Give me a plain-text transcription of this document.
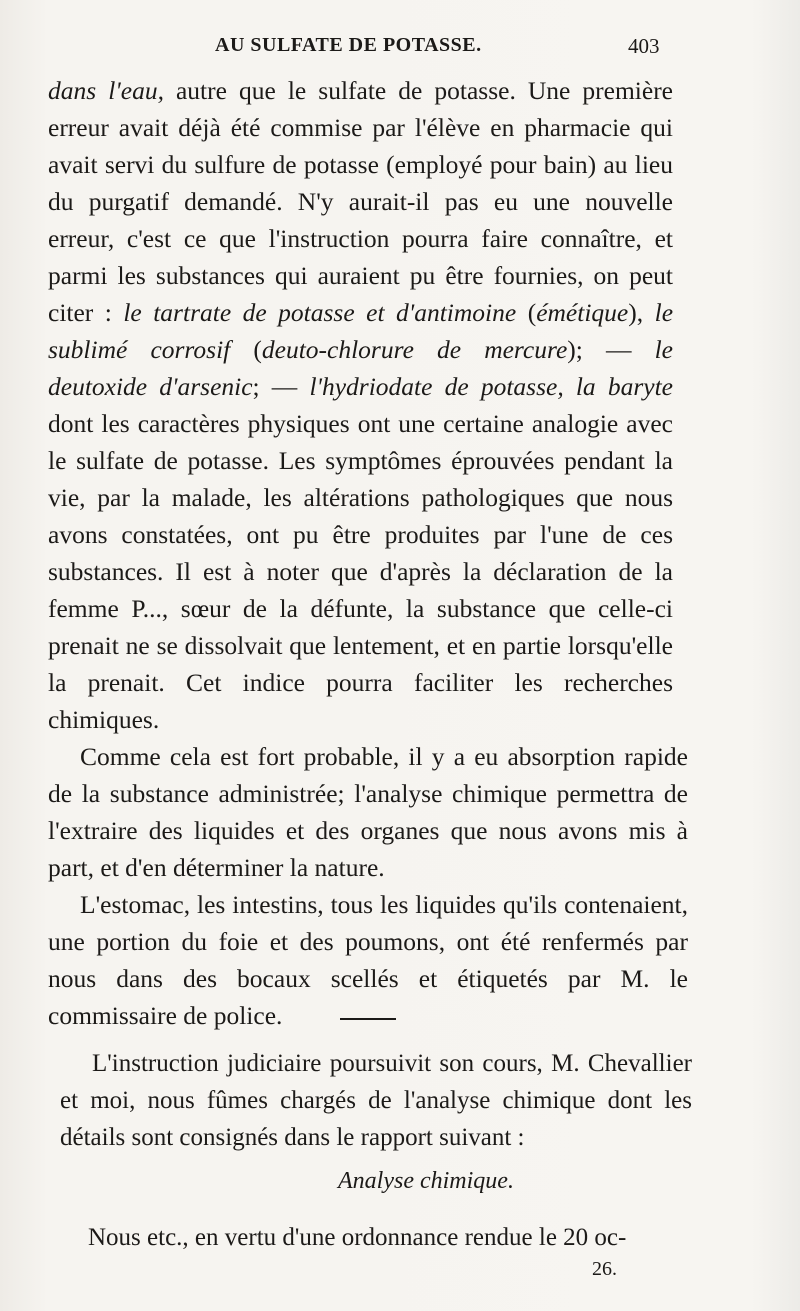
AU SULFATE DE POTASSE.	403

dans l'eau, autre que le sulfate de potasse. Une première erreur avait déjà été commise par l'élève en pharmacie qui avait servi du sulfure de potasse (employé pour bain) au lieu du purgatif demandé. N'y aurait-il pas eu une nouvelle erreur, c'est ce que l'instruction pourra faire connaître, et parmi les substances qui auraient pu être fournies, on peut citer : le tartrate de potasse et d'antimoine (émétique), le sublimé corrosif (deuto-chlorure de mercure); — le deutoxide d'arsenic; — l'hydriodate de potasse, la baryte dont les caractères physiques ont une certaine analogie avec le sulfate de potasse. Les symptômes éprouvées pendant la vie, par la malade, les altérations pathologiques que nous avons constatées, ont pu être produites par l'une de ces substances. Il est à noter que d'après la déclaration de la femme P..., sœur de la défunte, la substance que celle-ci prenait ne se dissolvait que lentement, et en partie lorsqu'elle la prenait. Cet indice pourra faciliter les recherches chimiques.

Comme cela est fort probable, il y a eu absorption rapide de la substance administrée; l'analyse chimique permettra de l'extraire des liquides et des organes que nous avons mis à part, et d'en déterminer la nature.

L'estomac, les intestins, tous les liquides qu'ils contenaient, une portion du foie et des poumons, ont été renfermés par nous dans des bocaux scellés et étiquetés par M. le commissaire de police.

L'instruction judiciaire poursuivit son cours, M. Chevallier et moi, nous fûmes chargés de l'analyse chimique dont les détails sont consignés dans le rapport suivant :

Analyse chimique.

Nous etc., en vertu d'une ordonnance rendue le 20 oc-

26.
